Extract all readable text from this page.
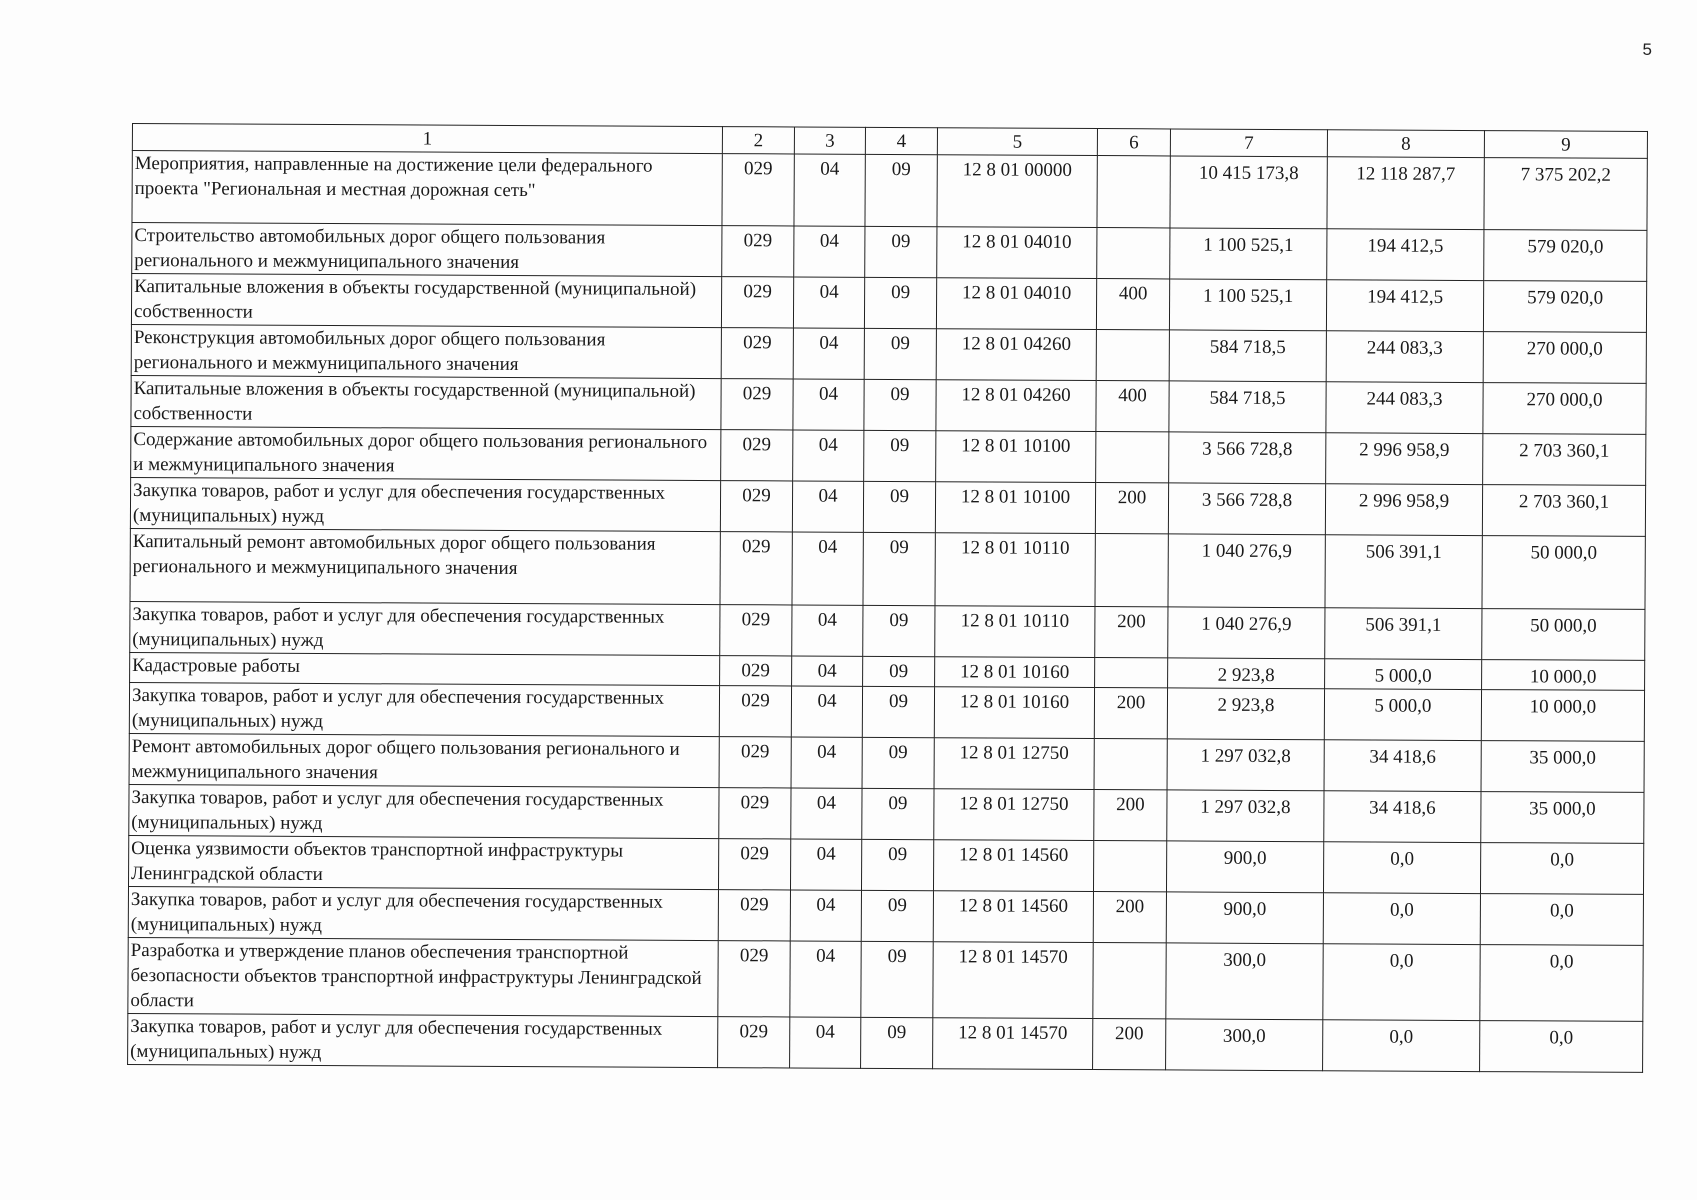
5
1	2	3	4	5	6	7	8	9
Мероприятия, направленные на достижение цели федерального проекта "Региональная и местная дорожная сеть"	029	04	09	12 8 01 00000		10 415 173,8	12 118 287,7	7 375 202,2
Строительство автомобильных дорог общего пользования регионального и межмуниципального значения	029	04	09	12 8 01 04010		1 100 525,1	194 412,5	579 020,0
Капитальные вложения в объекты государственной (муниципальной) собственности	029	04	09	12 8 01 04010	400	1 100 525,1	194 412,5	579 020,0
Реконструкция автомобильных дорог общего пользования регионального и межмуниципального значения	029	04	09	12 8 01 04260		584 718,5	244 083,3	270 000,0
Капитальные вложения в объекты государственной (муниципальной) собственности	029	04	09	12 8 01 04260	400	584 718,5	244 083,3	270 000,0
Содержание автомобильных дорог общего пользования регионального и межмуниципального значения	029	04	09	12 8 01 10100		3 566 728,8	2 996 958,9	2 703 360,1
Закупка товаров, работ и услуг для обеспечения государственных (муниципальных) нужд	029	04	09	12 8 01 10100	200	3 566 728,8	2 996 958,9	2 703 360,1
Капитальный ремонт автомобильных дорог общего пользования регионального и межмуниципального значения	029	04	09	12 8 01 10110		1 040 276,9	506 391,1	50 000,0
Закупка товаров, работ и услуг для обеспечения государственных (муниципальных) нужд	029	04	09	12 8 01 10110	200	1 040 276,9	506 391,1	50 000,0
Кадастровые работы	029	04	09	12 8 01 10160		2 923,8	5 000,0	10 000,0
Закупка товаров, работ и услуг для обеспечения государственных (муниципальных) нужд	029	04	09	12 8 01 10160	200	2 923,8	5 000,0	10 000,0
Ремонт автомобильных дорог общего пользования регионального и межмуниципального значения	029	04	09	12 8 01 12750		1 297 032,8	34 418,6	35 000,0
Закупка товаров, работ и услуг для обеспечения государственных (муниципальных) нужд	029	04	09	12 8 01 12750	200	1 297 032,8	34 418,6	35 000,0
Оценка уязвимости объектов транспортной инфраструктуры Ленинградской области	029	04	09	12 8 01 14560		900,0	0,0	0,0
Закупка товаров, работ и услуг для обеспечения государственных (муниципальных) нужд	029	04	09	12 8 01 14560	200	900,0	0,0	0,0
Разработка и утверждение планов обеспечения транспортной безопасности объектов транспортной инфраструктуры Ленинградской области	029	04	09	12 8 01 14570		300,0	0,0	0,0
Закупка товаров, работ и услуг для обеспечения государственных (муниципальных) нужд	029	04	09	12 8 01 14570	200	300,0	0,0	0,0
